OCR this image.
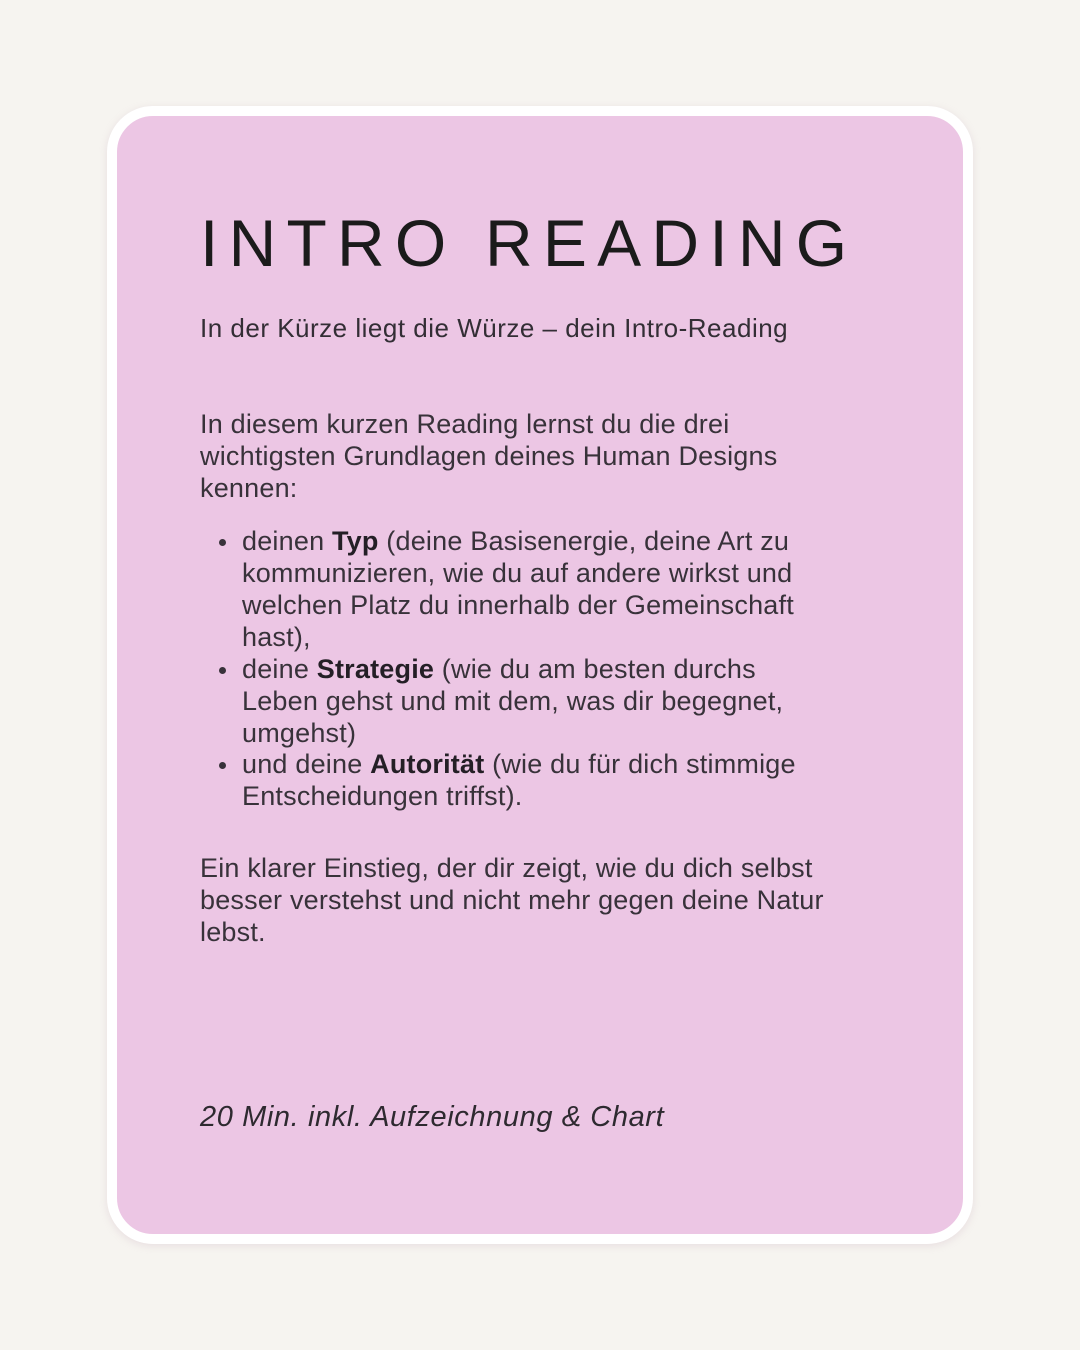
INTRO READING

In der Kürze liegt die Würze – dein Intro-Reading

In diesem kurzen Reading lernst du die drei wichtigsten Grundlagen deines Human Designs kennen:

• deinen Typ (deine Basisenergie, deine Art zu kommunizieren, wie du auf andere wirkst und welchen Platz du innerhalb der Gemeinschaft hast),
• deine Strategie (wie du am besten durchs Leben gehst und mit dem, was dir begegnet, umgehst)
• und deine Autorität (wie du für dich stimmige Entscheidungen triffst).

Ein klarer Einstieg, der dir zeigt, wie du dich selbst besser verstehst und nicht mehr gegen deine Natur lebst.

20 Min. inkl. Aufzeichnung & Chart
